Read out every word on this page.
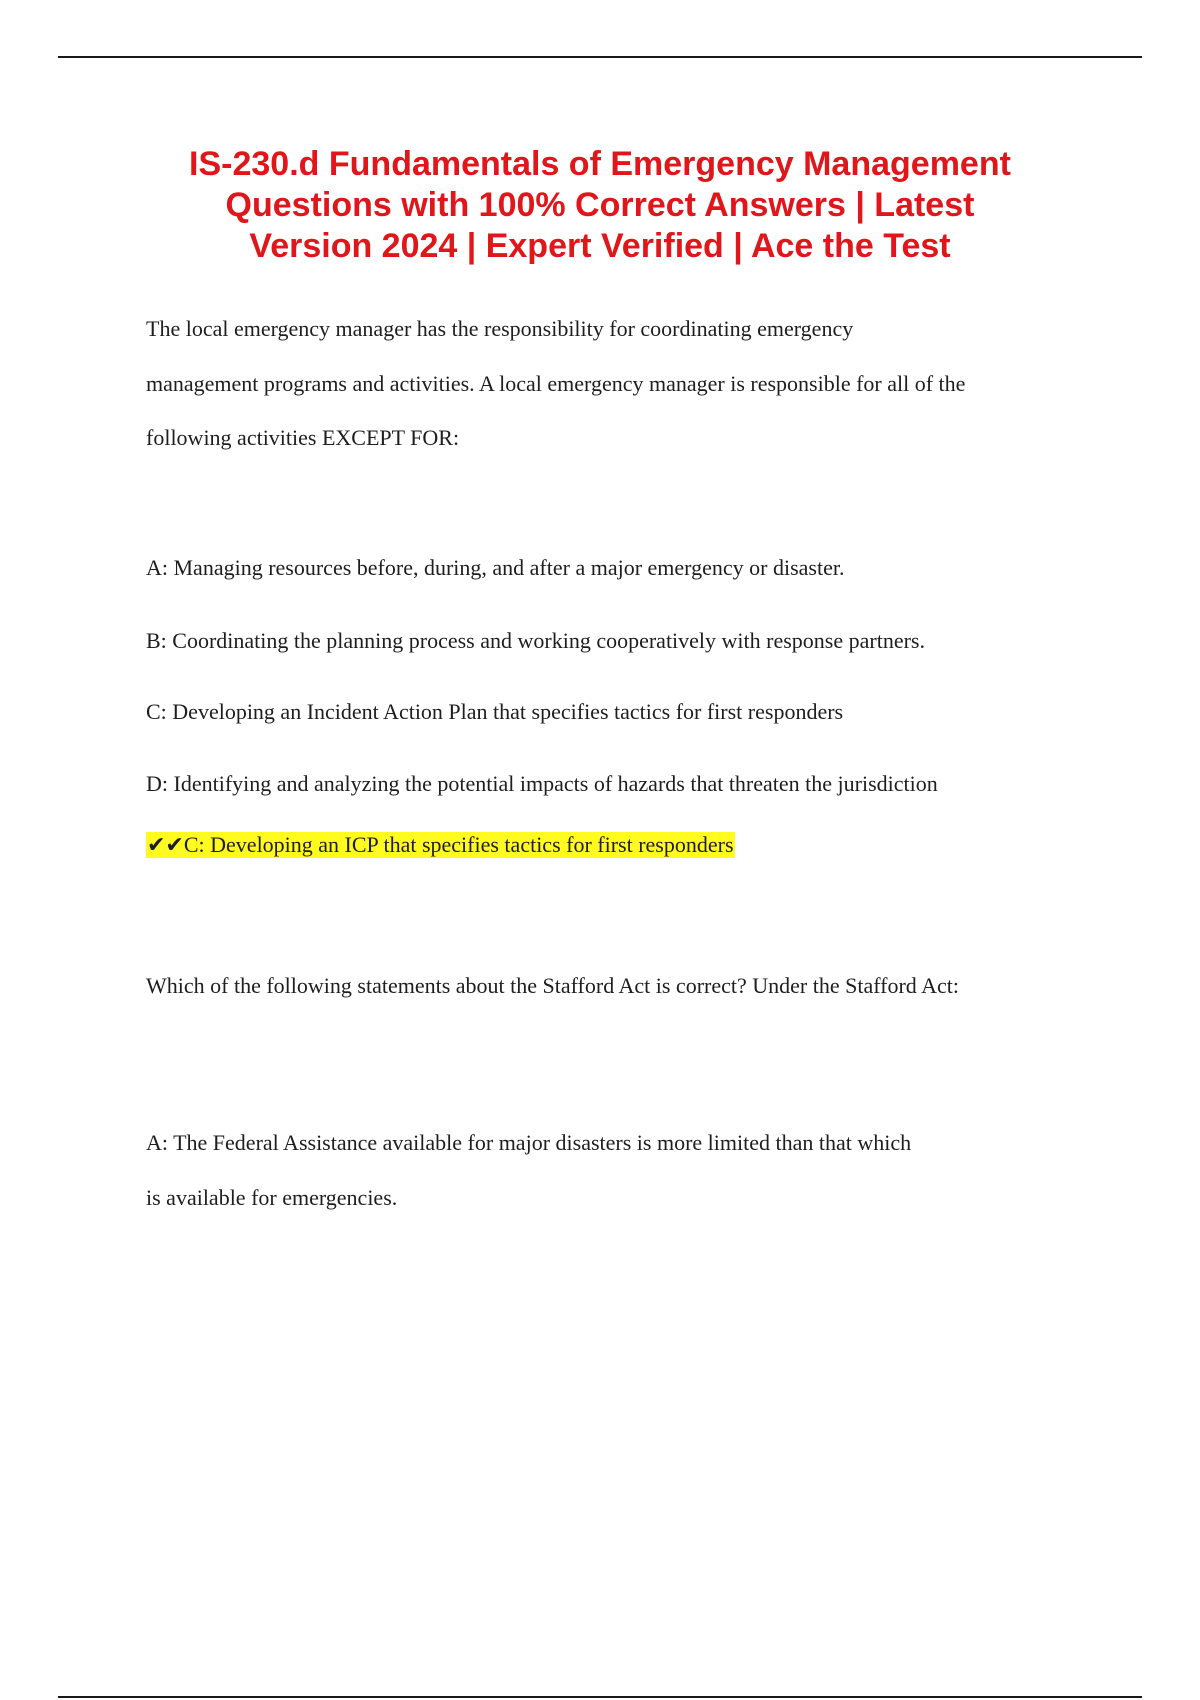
IS-230.d Fundamentals of Emergency Management
Questions with 100% Correct Answers | Latest
Version 2024 | Expert Verified | Ace the Test

The local emergency manager has the responsibility for coordinating emergency
management programs and activities. A local emergency manager is responsible for all of the
following activities EXCEPT FOR:

A: Managing resources before, during, and after a major emergency or disaster.

B: Coordinating the planning process and working cooperatively with response partners.

C: Developing an Incident Action Plan that specifies tactics for first responders

D: Identifying and analyzing the potential impacts of hazards that threaten the jurisdiction

✔✔C: Developing an ICP that specifies tactics for first responders

Which of the following statements about the Stafford Act is correct? Under the Stafford Act:

A: The Federal Assistance available for major disasters is more limited than that which
is available for emergencies.
